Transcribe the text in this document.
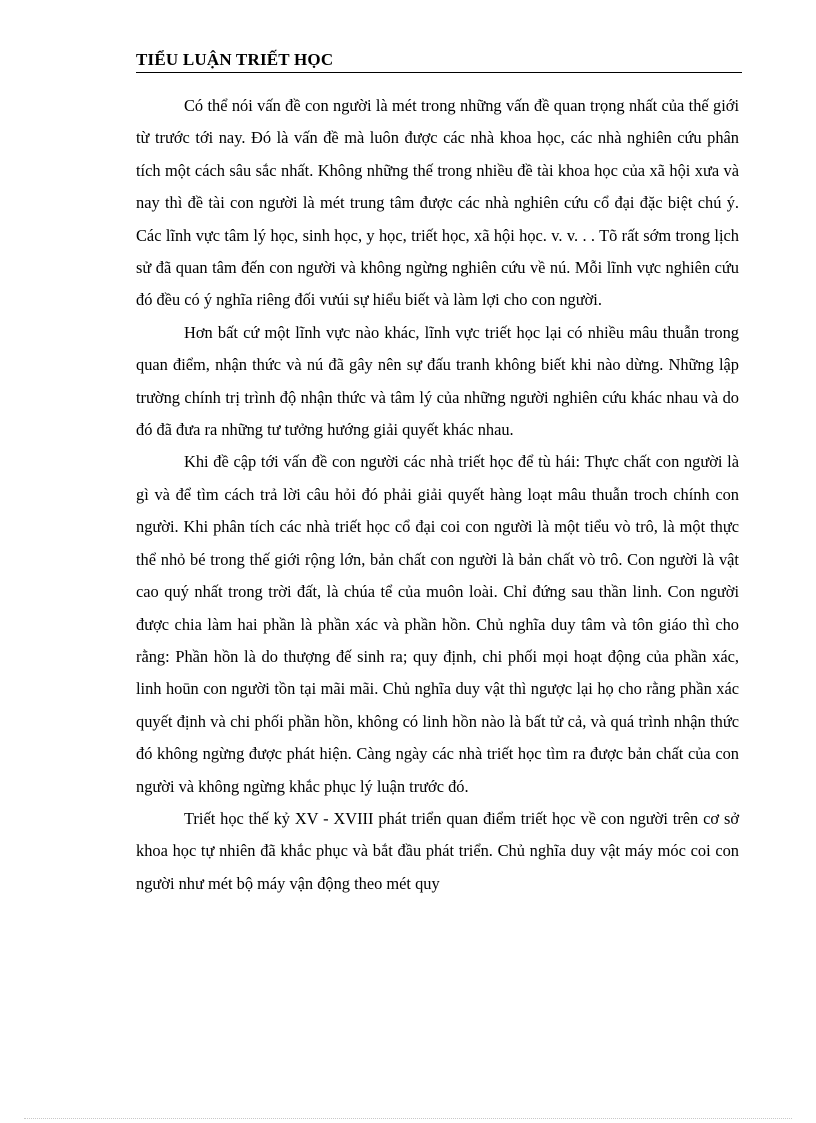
TIỂU LUẬN TRIẾT HỌC

Có thể nói vấn đề con người là mét trong những vấn đề quan trọng nhất của thế giới từ trước tới nay. Đó là vấn đề mà luôn được các nhà khoa học, các nhà nghiên cứu phân tích một cách sâu sắc nhất. Không những thế trong nhiều đề tài khoa học của xã hội xưa và nay thì đề tài con người là mét trung tâm được các nhà nghiên cứu cổ đại đặc biệt chú ý. Các lĩnh vực tâm lý học, sinh học, y học, triết học, xã hội học. v. v. . . Tõ rất sớm trong lịch sử đã quan tâm đến con người và không ngừng nghiên cứu về nú. Mỗi lĩnh vực nghiên cứu đó đều có ý nghĩa riêng đối vưúi sự hiểu biết và làm lợi cho con người.

Hơn bất cứ một lĩnh vực nào khác, lĩnh vực triết học lại có nhiều mâu thuẫn trong quan điểm, nhận thức và nú đã gây nên sự đấu tranh không biết khi nào dừng. Những lập trường chính trị trình độ nhận thức và tâm lý của những người nghiên cứu khác nhau và do đó đã đưa ra những tư tưởng hướng giải quyết khác nhau.

Khi đề cập tới vấn đề con người các nhà triết học để tù hái: Thực chất con người là gì và để tìm cách trả lời câu hỏi đó phải giải quyết hàng loạt mâu thuẫn troch chính con người. Khi phân tích các nhà triết học cổ đại coi con người là một tiểu vò trô, là một thực thể nhỏ bé trong thế giới rộng lớn, bản chất con người là bản chất vò trô. Con người là vật cao quý nhất trong trời đất, là chúa tể của muôn loài. Chỉ đứng sau thần linh. Con người được chia làm hai phần là phần xác và phần hồn. Chủ nghĩa duy tâm và tôn giáo thì cho rằng: Phần hồn là do thượng đế sinh ra; quy định, chi phối mọi hoạt động của phần xác, linh hoūn con người tồn tại mãi mãi. Chủ nghĩa duy vật thì ngược lại họ cho rằng phần xác quyết định và chi phối phần hồn, không có linh hồn nào là bất tử cả, và quá trình nhận thức đó không ngừng được phát hiện. Càng ngày các nhà triết học tìm ra được bản chất của con người và không ngừng khắc phục lý luận trước đó.

Triết học thế kỷ XV - XVIII phát triển quan điểm triết học về con người trên cơ sở khoa học tự nhiên đã khắc phục và bắt đầu phát triển. Chủ nghĩa duy vật máy móc coi con người như mét bộ máy vận động theo mét quy
